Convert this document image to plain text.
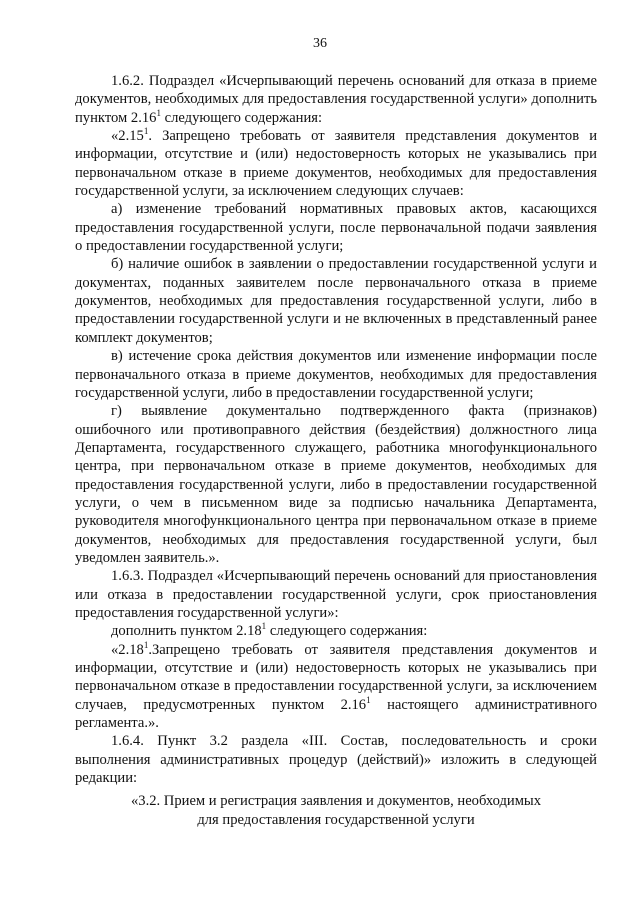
36

1.6.2. Подраздел «Исчерпывающий перечень оснований для отказа в приеме документов, необходимых для предоставления государственной услуги» дополнить пунктом 2.16$^1$ следующего содержания:

«2.15$^1$. Запрещено требовать от заявителя представления документов и информации, отсутствие и (или) недостоверность которых не указывались при первоначальном отказе в приеме документов, необходимых для предоставления государственной услуги, за исключением следующих случаев:

а) изменение требований нормативных правовых актов, касающихся предоставления государственной услуги, после первоначальной подачи заявления о предоставлении государственной услуги;

б) наличие ошибок в заявлении о предоставлении государственной услуги и документах, поданных заявителем после первоначального отказа в приеме документов, необходимых для предоставления государственной услуги, либо в предоставлении государственной услуги и не включенных в представленный ранее комплект документов;

в) истечение срока действия документов или изменение информации после первоначального отказа в приеме документов, необходимых для предоставления государственной услуги, либо в предоставлении государственной услуги;

г) выявление документально подтвержденного факта (признаков) ошибочного или противоправного действия (бездействия) должностного лица Департамента, государственного служащего, работника многофункционального центра, при первоначальном отказе в приеме документов, необходимых для предоставления государственной услуги, либо в предоставлении государственной услуги, о чем в письменном виде за подписью начальника Департамента, руководителя многофункционального центра при первоначальном отказе в приеме документов, необходимых для предоставления государственной услуги, был уведомлен заявитель.».

1.6.3. Подраздел «Исчерпывающий перечень оснований для приостановления или отказа в предоставлении государственной услуги, срок приостановления предоставления государственной услуги»:

дополнить пунктом 2.18$^1$ следующего содержания:

«2.18$^1$.Запрещено требовать от заявителя представления документов и информации, отсутствие и (или) недостоверность которых не указывались при первоначальном отказе в предоставлении государственной услуги, за исключением случаев, предусмотренных пунктом 2.16$^1$ настоящего административного регламента.».

1.6.4. Пункт 3.2 раздела «III. Состав, последовательность и сроки выполнения административных процедур (действий)» изложить в следующей редакции:

«3.2. Прием и регистрация заявления и документов, необходимых
для предоставления государственной услуги
